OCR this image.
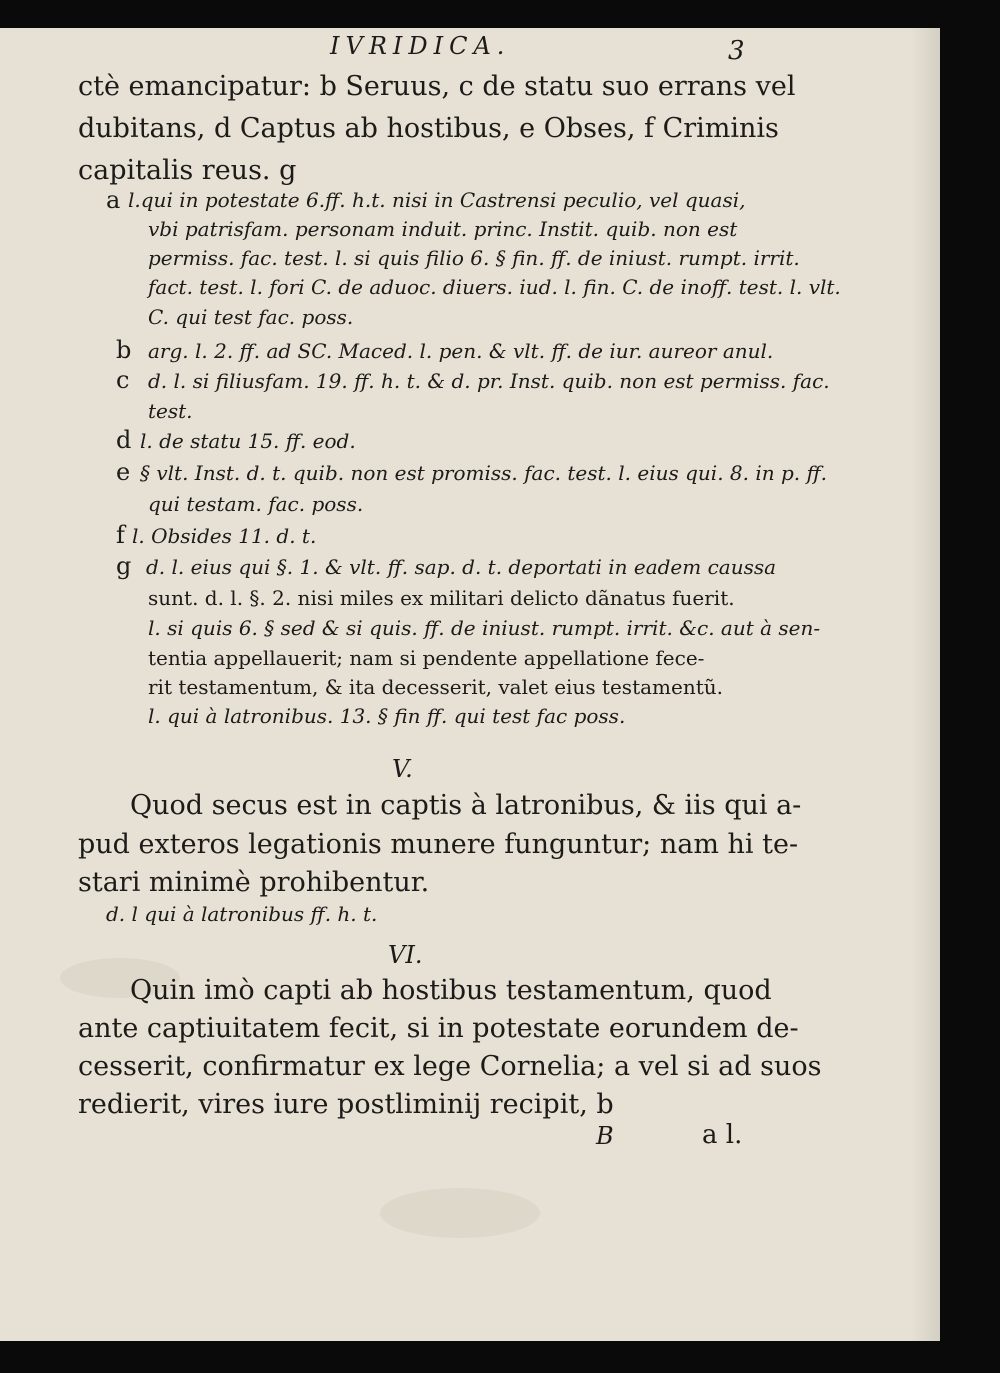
IVRIDICA.	3
ctè emancipatur: b Seruus, c de statu suo errans vel
dubitans, d Captus ab hostibus, e Obses, f Criminis
capitalis reus. g
a l.qui in potestate 6.ff. h.t. nisi in Castrensi peculio, vel quasi,
vbi patrisfam. personam induit. princ. Instit. quib. non est
permiss. fac. test. l. si quis filio 6. § fin. ff. de iniust. rumpt. irrit.
fact. test. l. fori C. de aduoc. diuers. iud. l. fin. C. de inoff. test. l. vlt.
C. qui test fac. poss.
b arg. l. 2. ff. ad SC. Maced. l. pen. & vlt. ff. de iur. aureor anul.
c d. l. si filiusfam. 19. ff. h. t. & d. pr. Inst. quib. non est permiss. fac.
test.
d l. de statu 15. ff. eod.
e § vlt. Inst. d. t. quib. non est promiss. fac. test. l. eius qui. 8. in p. ff.
qui testam. fac. poss.
f l. Obsides 11. d. t.
g d. l. eius qui §. 1. & vlt. ff. sap. d. t. deportati in eadem caussa
sunt. d. l. §. 2. nisi miles ex militari delicto dãnatus fuerit.
l. si quis 6. § sed & si quis. ff. de iniust. rumpt. irrit. &c. aut à sen-
tentia appellauerit; nam si pendente appellatione fece-
rit testamentum, & ita decesserit, valet eius testamentũ.
l. qui à latronibus. 13. § fin ff. qui test fac poss.
V.
Quod secus est in captis à latronibus, & iis qui a-
pud exteros legationis munere funguntur; nam hi te-
stari minimè prohibentur.
d. l qui à latronibus ff. h. t.
VI.
Quin imò capti ab hostibus testamentum, quod
ante captiuitatem fecit, si in potestate eorundem de-
cesserit, confirmatur ex lege Cornelia; a vel si ad suos
redierit, vires iure postliminij recipit, b
B	a l.
